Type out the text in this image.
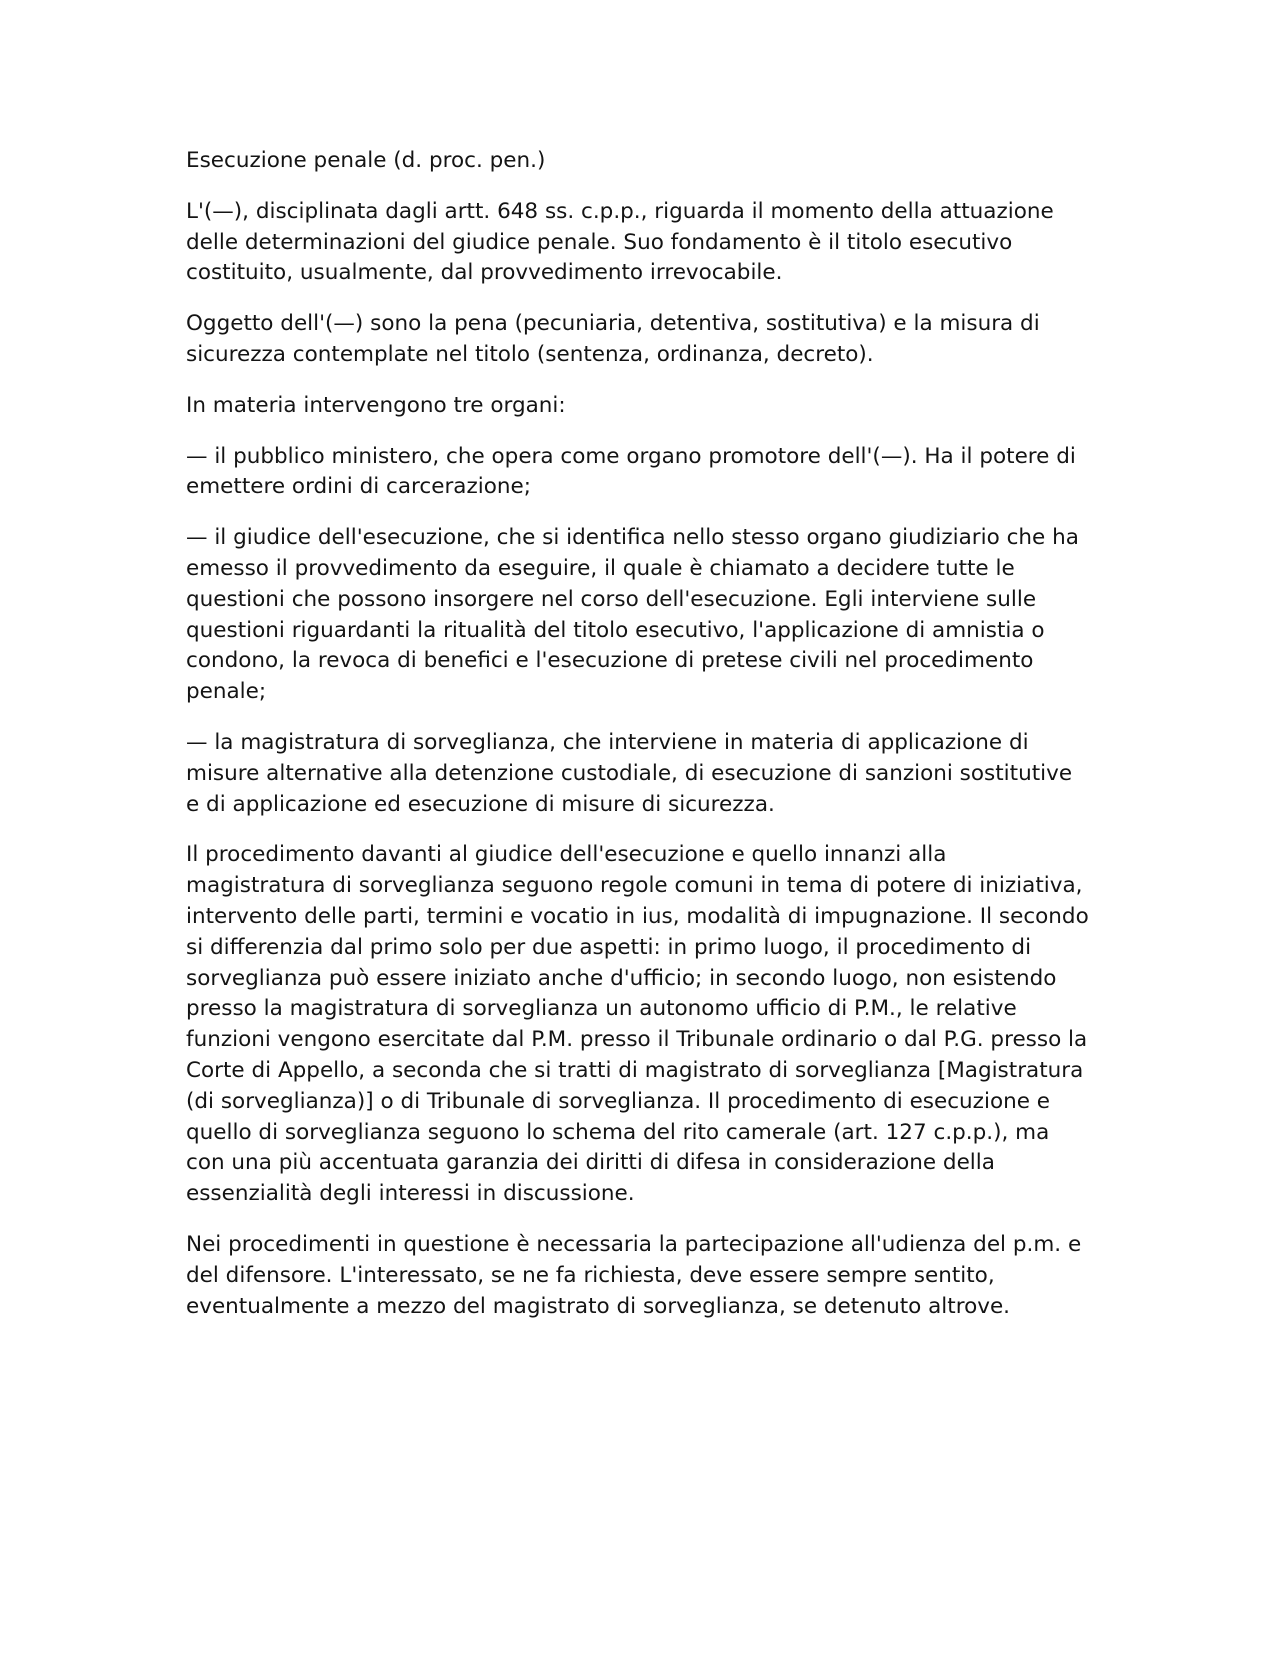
Esecuzione penale (d. proc. pen.)

L'(—), disciplinata dagli artt. 648 ss. c.p.p., riguarda il momento della attuazione delle determinazioni del giudice penale. Suo fondamento è il titolo esecutivo costituito, usualmente, dal provvedimento irrevocabile.

Oggetto dell'(—) sono la pena (pecuniaria, detentiva, sostitutiva) e la misura di sicurezza contemplate nel titolo (sentenza, ordinanza, decreto).

In materia intervengono tre organi:

— il pubblico ministero, che opera come organo promotore dell'(—). Ha il potere di emettere ordini di carcerazione;

— il giudice dell'esecuzione, che si identifica nello stesso organo giudiziario che ha emesso il provvedimento da eseguire, il quale è chiamato a decidere tutte le questioni che possono insorgere nel corso dell'esecuzione. Egli interviene sulle questioni riguardanti la ritualità del titolo esecutivo, l'applicazione di amnistia o condono, la revoca di benefici e l'esecuzione di pretese civili nel procedimento penale;

— la magistratura di sorveglianza, che interviene in materia di applicazione di misure alternative alla detenzione custodiale, di esecuzione di sanzioni sostitutive e di applicazione ed esecuzione di misure di sicurezza.

Il procedimento davanti al giudice dell'esecuzione e quello innanzi alla magistratura di sorveglianza seguono regole comuni in tema di potere di iniziativa, intervento delle parti, termini e vocatio in ius, modalità di impugnazione. Il secondo si differenzia dal primo solo per due aspetti: in primo luogo, il procedimento di sorveglianza può essere iniziato anche d'ufficio; in secondo luogo, non esistendo presso la magistratura di sorveglianza un autonomo ufficio di P.M., le relative funzioni vengono esercitate dal P.M. presso il Tribunale ordinario o dal P.G. presso la Corte di Appello, a seconda che si tratti di magistrato di sorveglianza [Magistratura (di sorveglianza)] o di Tribunale di sorveglianza. Il procedimento di esecuzione e quello di sorveglianza seguono lo schema del rito camerale (art. 127 c.p.p.), ma con una più accentuata garanzia dei diritti di difesa in considerazione della essenzialità degli interessi in discussione.

Nei procedimenti in questione è necessaria la partecipazione all'udienza del p.m. e del difensore. L'interessato, se ne fa richiesta, deve essere sempre sentito, eventualmente a mezzo del magistrato di sorveglianza, se detenuto altrove.
